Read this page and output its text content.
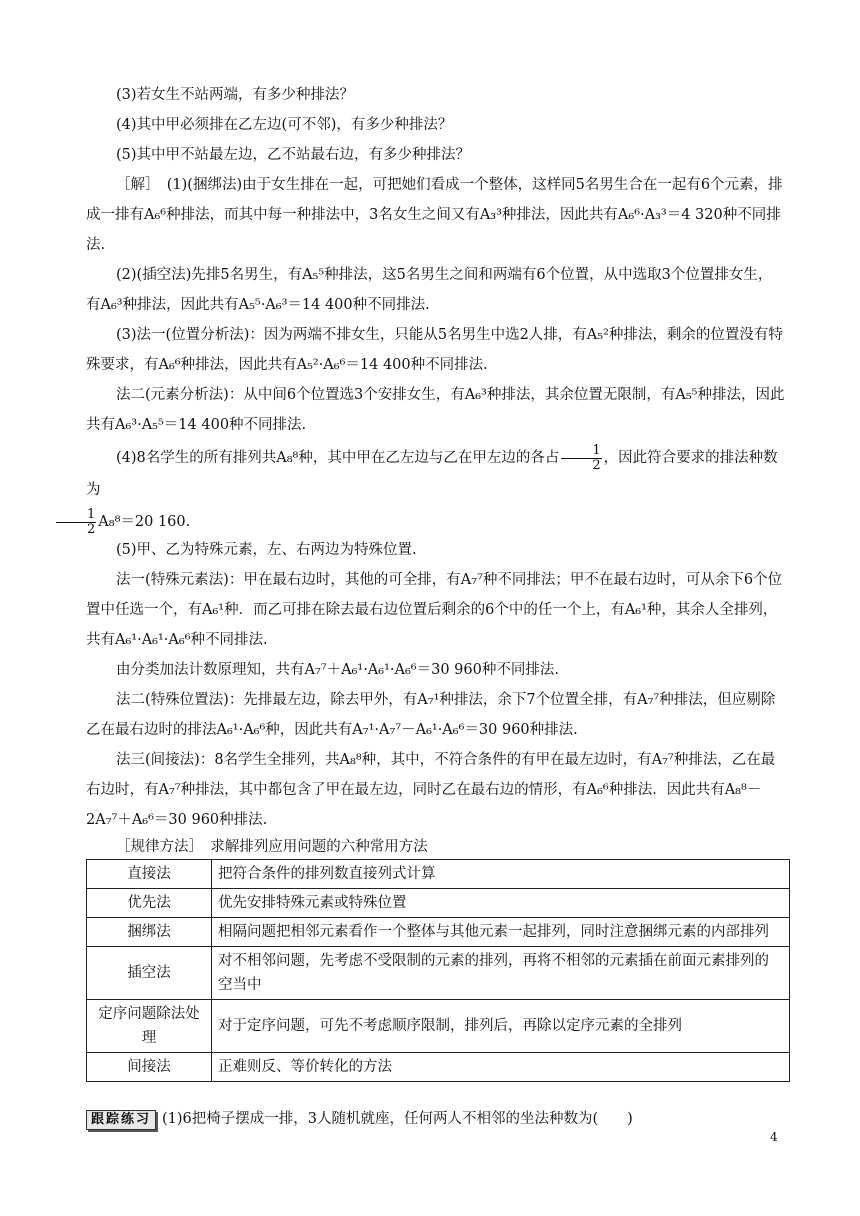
(3)若女生不站两端，有多少种排法？

(4)其中甲必须排在乙左边(可不邻)，有多少种排法？

(5)其中甲不站最左边，乙不站最右边，有多少种排法？

［解］　(1)(捆绑法)由于女生排在一起，可把她们看成一个整体，这样同5名男生合在一起有6个元素，排成一排有A₆⁶种排法，而其中每一种排法中，3名女生之间又有A₃³种排法，因此共有A₆⁶·A₃³＝4 320种不同排法.

(2)(插空法)先排5名男生，有A₅⁵种排法，这5名男生之间和两端有6个位置，从中选取3个位置排女生，有A₆³种排法，因此共有A₅⁵·A₆³＝14 400种不同排法.

(3)法一(位置分析法)：因为两端不排女生，只能从5名男生中选2人排，有A₅²种排法，剩余的位置没有特殊要求，有A₆⁶种排法，因此共有A₅²·A₆⁶＝14 400种不同排法.

法二(元素分析法)：从中间6个位置选3个安排女生，有A₆³种排法，其余位置无限制，有A₅⁵种排法，因此共有A₆³·A₅⁵＝14 400种不同排法.

(4)8名学生的所有排列共A₈⁸种，其中甲在乙左边与乙在甲左边的各占 $\frac{1}{2}$ ，因此符合要求的排法种数为

$\frac{1}{2} A_8^8=20$ 160.

(5)甲、乙为特殊元素，左、右两边为特殊位置.

法一(特殊元素法)：甲在最右边时，其他的可全排，有A₇⁷种不同排法；甲不在最右边时，可从余下6个位置中任选一个，有A₆¹种．而乙可排在除去最右边位置后剩余的6个中的任一个上，有A₆¹种，其余人全排列，共有A₆¹·A₆¹·A₆⁶种不同排法.

由分类加法计数原理知，共有A₇⁷＋A₆¹·A₆¹·A₆⁶＝30 960种不同排法.

法二(特殊位置法)：先排最左边，除去甲外，有A₇¹种排法，余下7个位置全排，有A₇⁷种排法，但应剔除乙在最右边时的排法A₆¹·A₆⁶种，因此共有A₇¹·A₇⁷－A₆¹·A₆⁶＝30 960种排法.

法三(间接法)：8名学生全排列，共A₈⁸种，其中，不符合条件的有甲在最左边时，有A₇⁷种排法，乙在最右边时，有A₇⁷种排法，其中都包含了甲在最左边，同时乙在最右边的情形，有A₆⁶种排法．因此共有A₈⁸－2A₇⁷＋A₆⁶＝30 960种排法.

［规律方法］　求解排列应用问题的六种常用方法

直接法	把符合条件的排列数直接列式计算
优先法	优先安排特殊元素或特殊位置
捆绑法	相隔问题把相邻元素看作一个整体与其他元素一起排列，同时注意捆绑元素的内部排列
插空法	对不相邻问题，先考虑不受限制的元素的排列，再将不相邻的元素插在前面元素排列的空当中
定序问题除法处理	对于定序问题，可先不考虑顺序限制，排列后，再除以定序元素的全排列
间接法	正难则反、等价转化的方法

跟踪练习 (1)6把椅子摆成一排，3人随机就座，任何两人不相邻的坐法种数为(　　)

4
